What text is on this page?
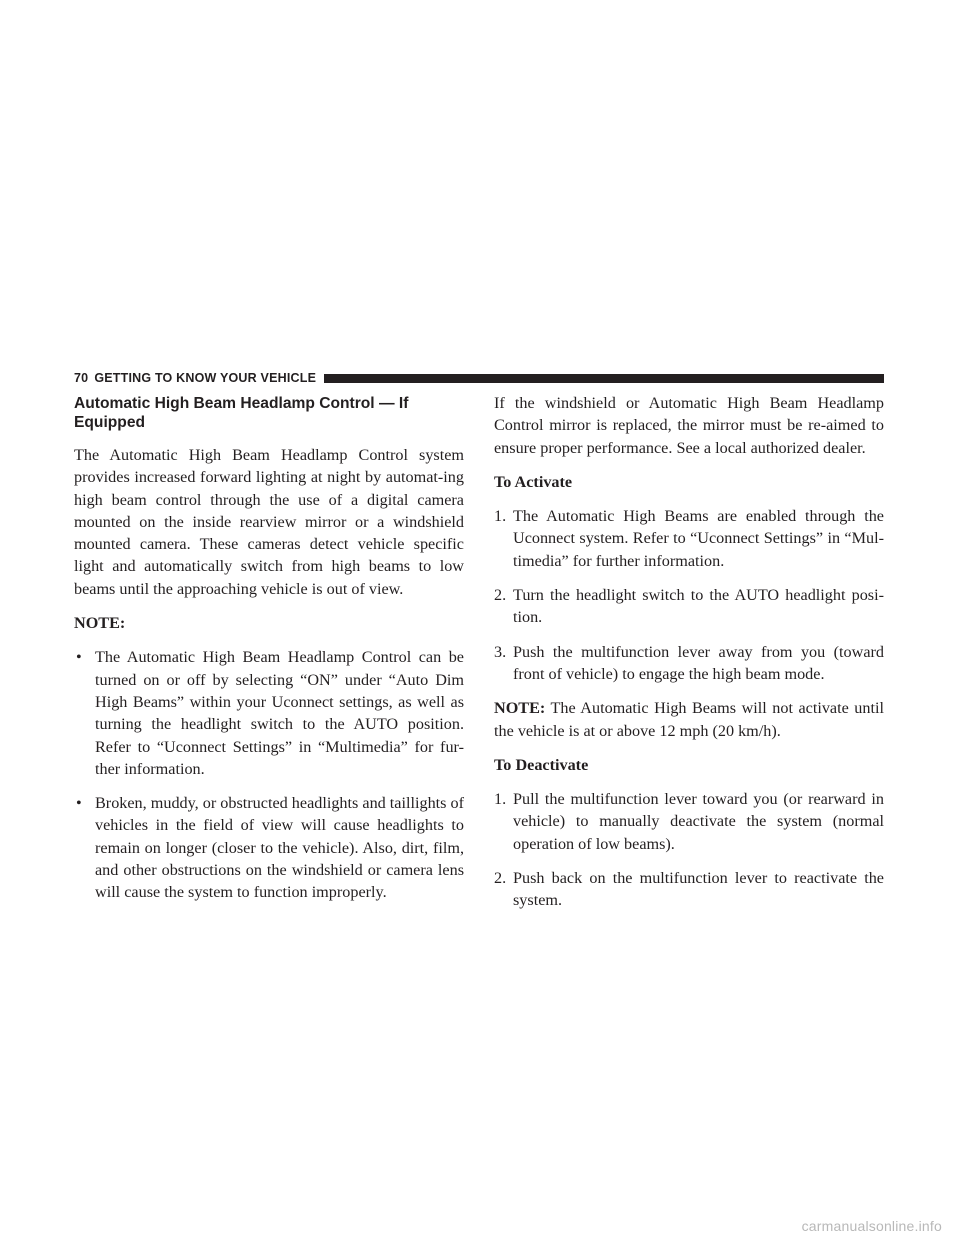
70 GETTING TO KNOW YOUR VEHICLE
Automatic High Beam Headlamp Control — If Equipped

The Automatic High Beam Headlamp Control system provides increased forward lighting at night by automat-ing high beam control through the use of a digital camera mounted on the inside rearview mirror or a windshield mounted camera. These cameras detect vehicle specific light and automatically switch from high beams to low beams until the approaching vehicle is out of view.

NOTE:

• The Automatic High Beam Headlamp Control can be turned on or off by selecting “ON” under “Auto Dim High Beams” within your Uconnect settings, as well as turning the headlight switch to the AUTO position. Refer to “Uconnect Settings” in “Multimedia” for fur-ther information.
• Broken, muddy, or obstructed headlights and taillights of vehicles in the field of view will cause headlights to remain on longer (closer to the vehicle). Also, dirt, film, and other obstructions on the windshield or camera lens will cause the system to function improperly.

If the windshield or Automatic High Beam Headlamp Control mirror is replaced, the mirror must be re-aimed to ensure proper performance. See a local authorized dealer.

To Activate

1. The Automatic High Beams are enabled through the Uconnect system. Refer to “Uconnect Settings” in “Mul-timedia” for further information.
2. Turn the headlight switch to the AUTO headlight posi-tion.
3. Push the multifunction lever away from you (toward front of vehicle) to engage the high beam mode.

NOTE: The Automatic High Beams will not activate until the vehicle is at or above 12 mph (20 km/h).

To Deactivate

1. Pull the multifunction lever toward you (or rearward in vehicle) to manually deactivate the system (normal operation of low beams).
2. Push back on the multifunction lever to reactivate the system.
carmanualsonline.info
